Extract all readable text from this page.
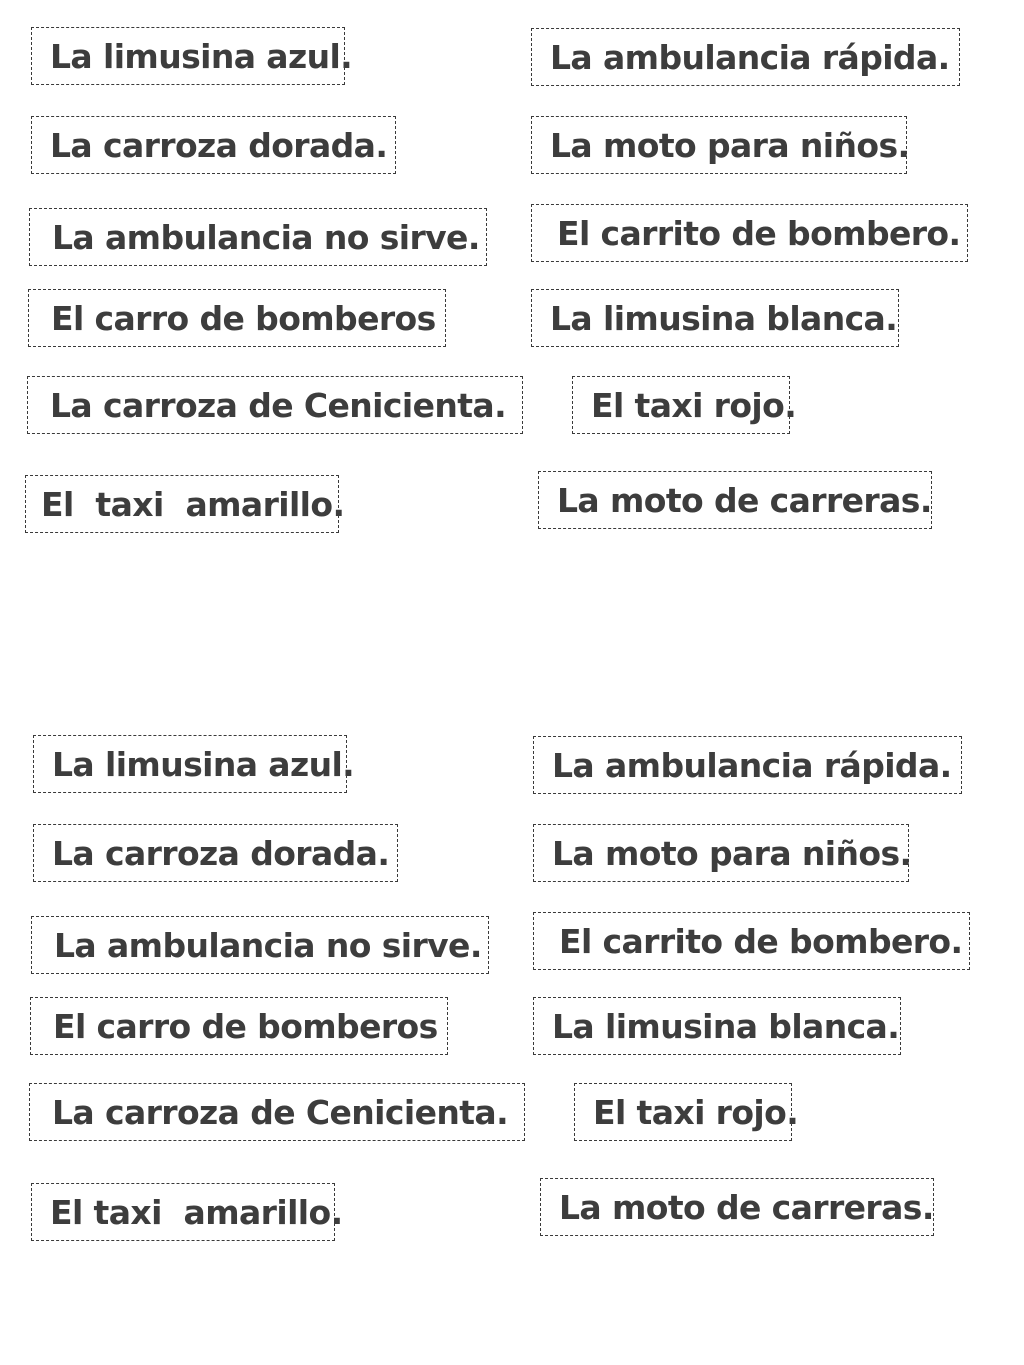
La limusina azul.	La ambulancia rápida.
La carroza dorada.	La moto para niños.
La ambulancia no sirve.	El carrito de bombero.
El carro de bomberos	La limusina blanca.
La carroza de Cenicienta.	El taxi rojo.
El  taxi  amarillo.	La moto de carreras.
La limusina azul.	La ambulancia rápida.
La carroza dorada.	La moto para niños.
La ambulancia no sirve.	El carrito de bombero.
El carro de bomberos	La limusina blanca.
La carroza de Cenicienta.	El taxi rojo.
El taxi  amarillo.	La moto de carreras.
